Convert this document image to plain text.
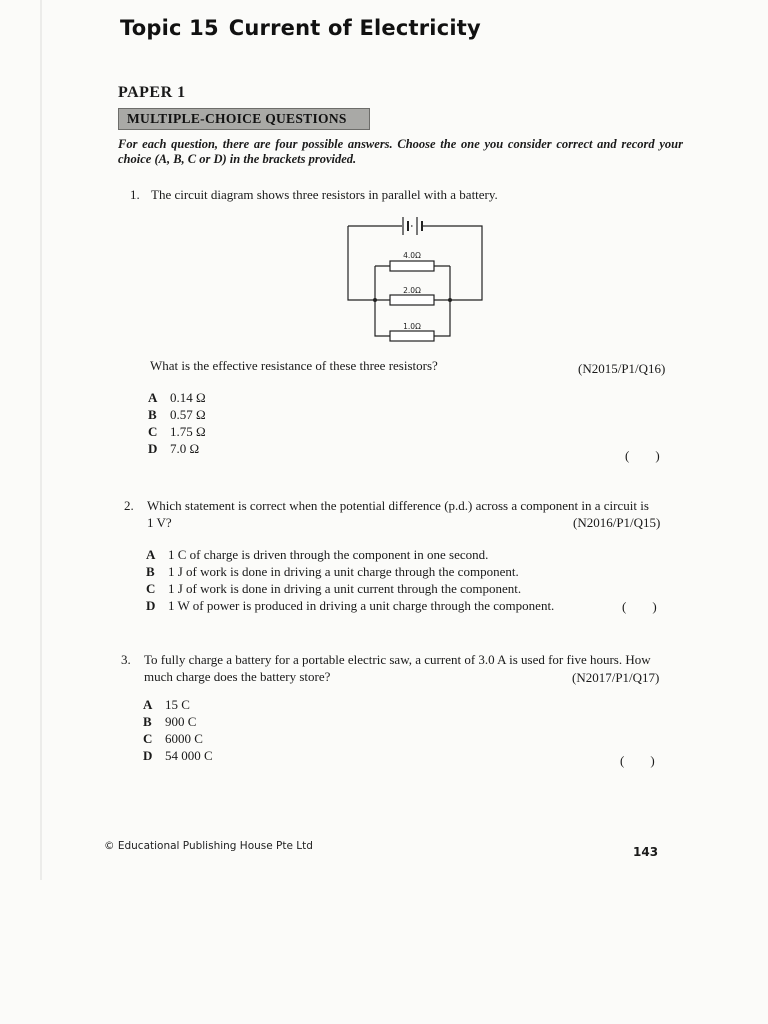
Topic 15 Current of Electricity
PAPER 1
MULTIPLE-CHOICE QUESTIONS
For each question, there are four possible answers. Choose the one you consider correct and record your choice (A, B, C or D) in the brackets provided.
1. The circuit diagram shows three resistors in parallel with a battery.
4.0Ω
2.0Ω
1.0Ω
What is the effective resistance of these three resistors?	(N2015/P1/Q16)
A 0.14 Ω
B 0.57 Ω
C 1.75 Ω
D 7.0 Ω	(        )
2. Which statement is correct when the potential difference (p.d.) across a component in a circuit is 1 V?	(N2016/P1/Q15)
A 1 C of charge is driven through the component in one second.
B 1 J of work is done in driving a unit charge through the component.
C 1 J of work is done in driving a unit current through the component.
D 1 W of power is produced in driving a unit charge through the component.	(        )
3. To fully charge a battery for a portable electric saw, a current of 3.0 A is used for five hours. How much charge does the battery store?	(N2017/P1/Q17)
A 15 C
B 900 C
C 6000 C
D 54 000 C	(        )
© Educational Publishing House Pte Ltd	143
